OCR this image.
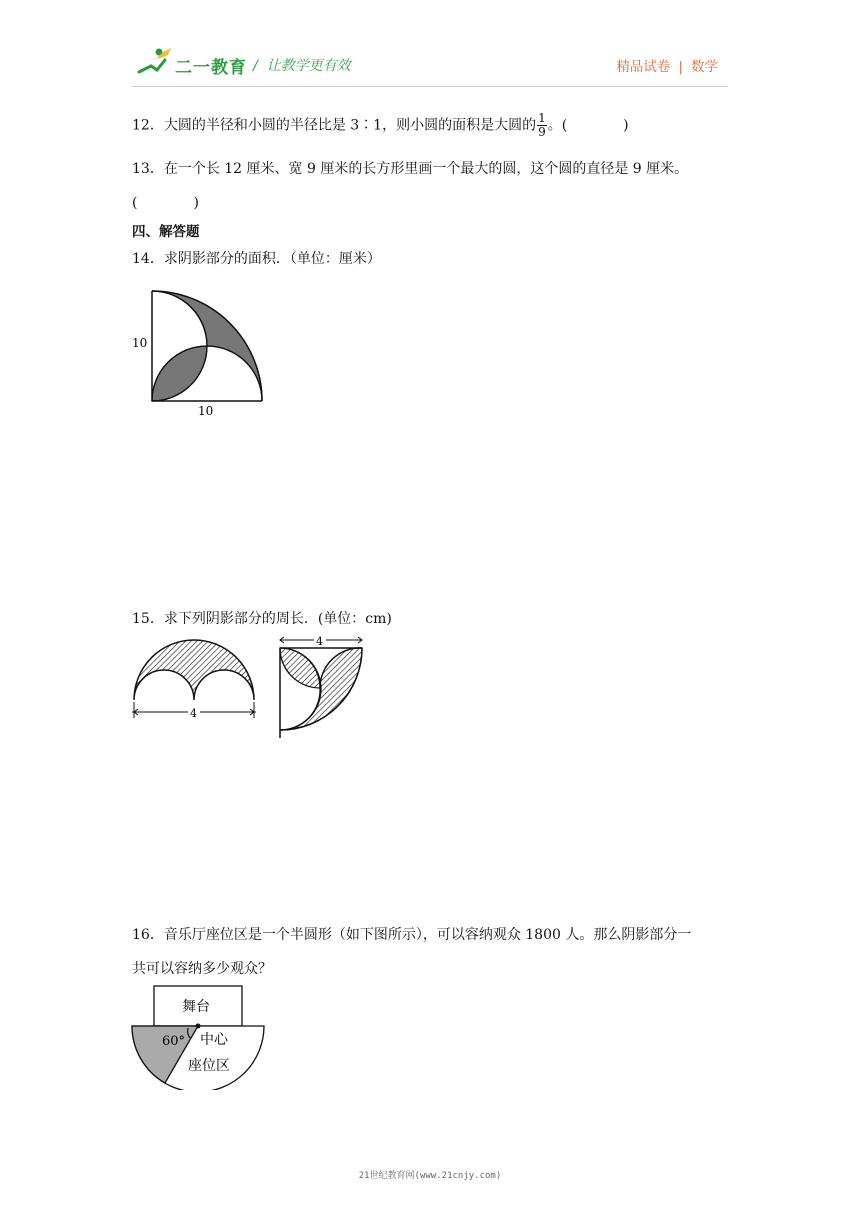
二一教育 / 让教学更有效	精品试卷 | 数学
12．大圆的半径和小圆的半径比是 3∶1，则小圆的面积是大圆的 $\frac{1}{9}$ 。(　　　　)
13．在一个长 12 厘米、宽 9 厘米的长方形里画一个最大的圆，这个圆的直径是 9 厘米。
(　　　　)
四、解答题
14．求阴影部分的面积．（单位：厘米）
10
10
15．求下列阴影部分的周长．(单位：cm)
4
4
16．音乐厅座位区是一个半圆形（如下图所示），可以容纳观众 1800 人。那么阴影部分一
共可以容纳多少观众？
舞台
60° 中心
座位区
21世纪教育网(www.21cnjy.com)
